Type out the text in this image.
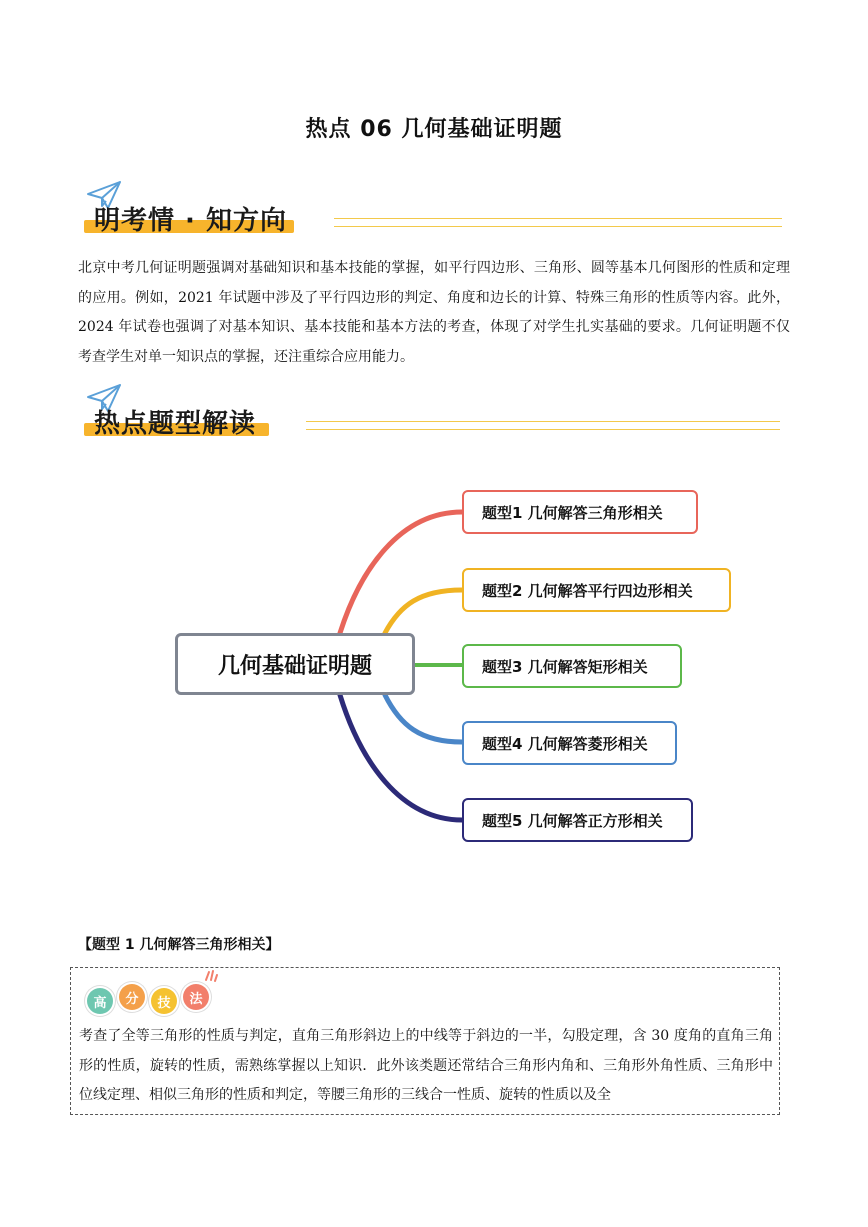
热点 06 几何基础证明题
明考情 · 知方向
北京中考几何证明题强调对基础知识和基本技能的掌握，如平行四边形、三角形、圆等基本几何图形的性质和定理的应用。例如，2021 年试题中涉及了平行四边形的判定、角度和边长的计算、特殊三角形的性质等内容。此外，2024 年试卷也强调了对基本知识、基本技能和基本方法的考查，体现了对学生扎实基础的要求。几何证明题不仅考查学生对单一知识点的掌握，还注重综合应用能力。
热点题型解读
几何基础证明题
题型1 几何解答三角形相关
题型2 几何解答平行四边形相关
题型3 几何解答矩形相关
题型4 几何解答菱形相关
题型5 几何解答正方形相关
【题型 1 几何解答三角形相关】
高	分	技	法
考查了全等三角形的性质与判定，直角三角形斜边上的中线等于斜边的一半，勾股定理，含 30 度角的直角三角形的性质，旋转的性质，需熟练掌握以上知识．此外该类题还常结合三角形内角和、三角形外角性质、三角形中位线定理、相似三角形的性质和判定，等腰三角形的三线合一性质、旋转的性质以及全
